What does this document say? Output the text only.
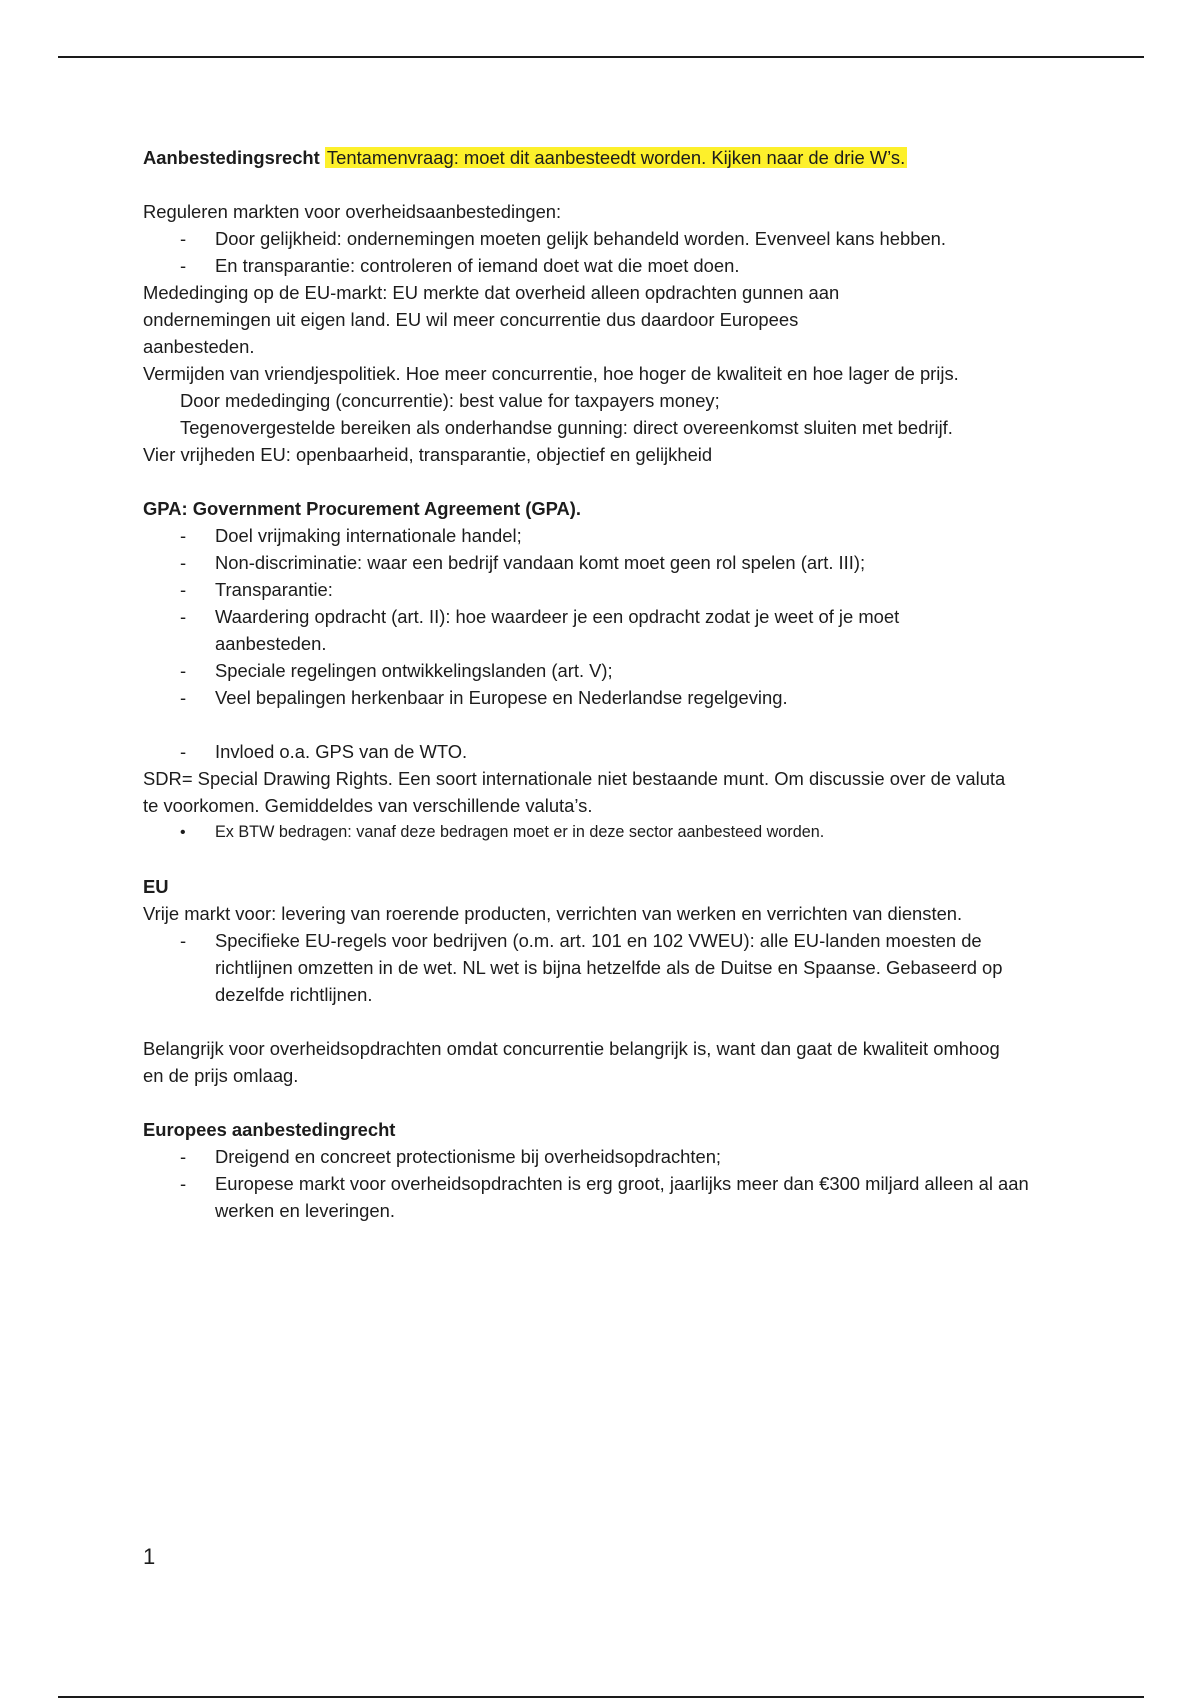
Aanbestedingsrecht Tentamenvraag: moet dit aanbesteedt worden. Kijken naar de drie W’s.
Reguleren markten voor overheidsaanbestedingen:
- Door gelijkheid: ondernemingen moeten gelijk behandeld worden. Evenveel kans hebben.
- En transparantie: controleren of iemand doet wat die moet doen.
Mededinging op de EU-markt: EU merkte dat overheid alleen opdrachten gunnen aan ondernemingen uit eigen land. EU wil meer concurrentie dus daardoor Europees aanbesteden.
Vermijden van vriendjespolitiek. Hoe meer concurrentie, hoe hoger de kwaliteit en hoe lager de prijs.
Door mededinging (concurrentie): best value for taxpayers money;
Tegenovergestelde bereiken als onderhandse gunning: direct overeenkomst sluiten met bedrijf.
Vier vrijheden EU: openbaarheid, transparantie, objectief en gelijkheid
GPA: Government Procurement Agreement (GPA).
- Doel vrijmaking internationale handel;
- Non-discriminatie: waar een bedrijf vandaan komt moet geen rol spelen (art. III);
- Transparantie:
- Waardering opdracht (art. II): hoe waardeer je een opdracht zodat je weet of je moet aanbesteden.
- Speciale regelingen ontwikkelingslanden (art. V);
- Veel bepalingen herkenbaar in Europese en Nederlandse regelgeving.
- Invloed o.a. GPS van de WTO.
SDR= Special Drawing Rights. Een soort internationale niet bestaande munt. Om discussie over de valuta te voorkomen. Gemiddeldes van verschillende valuta’s.
• Ex BTW bedragen: vanaf deze bedragen moet er in deze sector aanbesteed worden.
EU
Vrije markt voor: levering van roerende producten, verrichten van werken en verrichten van diensten.
- Specifieke EU-regels voor bedrijven (o.m. art. 101 en 102 VWEU): alle EU-landen moesten de richtlijnen omzetten in de wet. NL wet is bijna hetzelfde als de Duitse en Spaanse. Gebaseerd op dezelfde richtlijnen.
Belangrijk voor overheidsopdrachten omdat concurrentie belangrijk is, want dan gaat de kwaliteit omhoog en de prijs omlaag.
Europees aanbestedingrecht
- Dreigend en concreet protectionisme bij overheidsopdrachten;
- Europese markt voor overheidsopdrachten is erg groot, jaarlijks meer dan €300 miljard alleen al aan werken en leveringen.
1
